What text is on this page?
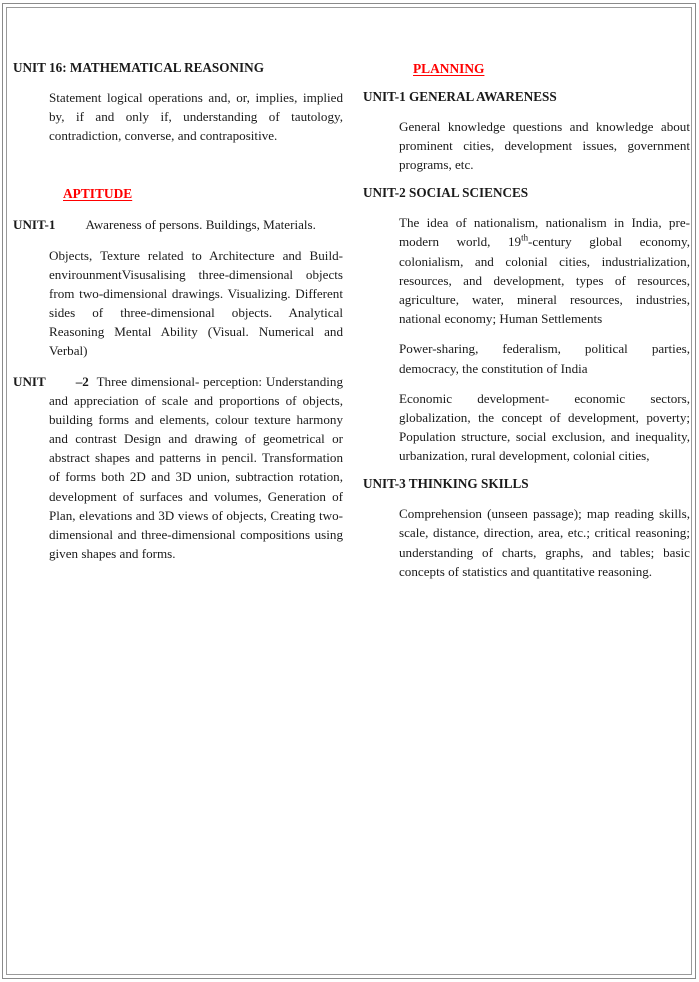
UNIT 16: MATHEMATICAL REASONING

Statement logical operations and, or, implies, implied by, if and only if, understanding of tautology, contradiction, converse, and contrapositive.

APTITUDE

UNIT-1 Awareness of persons. Buildings, Materials.

Objects, Texture related to Architecture and Build-envirounmentVisusalising three-dimensional objects from two-dimensional drawings. Visualizing. Different sides of three-dimensional objects. Analytical Reasoning Mental Ability (Visual. Numerical and Verbal)

UNIT –2 Three dimensional- perception: Understanding and appreciation of scale and proportions of objects, building forms and elements, colour texture harmony and contrast Design and drawing of geometrical or abstract shapes and patterns in pencil. Transformation of forms both 2D and 3D union, subtraction rotation, development of surfaces and volumes, Generation of Plan, elevations and 3D views of objects, Creating two-dimensional and three-dimensional compositions using given shapes and forms.

PLANNING
UNIT-1 GENERAL AWARENESS

General knowledge questions and knowledge about prominent cities, development issues, government programs, etc.

UNIT-2 SOCIAL SCIENCES

The idea of nationalism, nationalism in India, pre-modern world, 19th-century global economy, colonialism, and colonial cities, industrialization, resources, and development, types of resources, agriculture, water, mineral resources, industries, national economy; Human Settlements

Power-sharing, federalism, political parties, democracy, the constitution of India

Economic development- economic sectors, globalization, the concept of development, poverty; Population structure, social exclusion, and inequality, urbanization, rural development, colonial cities,

UNIT-3 THINKING SKILLS

Comprehension (unseen passage); map reading skills, scale, distance, direction, area, etc.; critical reasoning; understanding of charts, graphs, and tables; basic concepts of statistics and quantitative reasoning.
